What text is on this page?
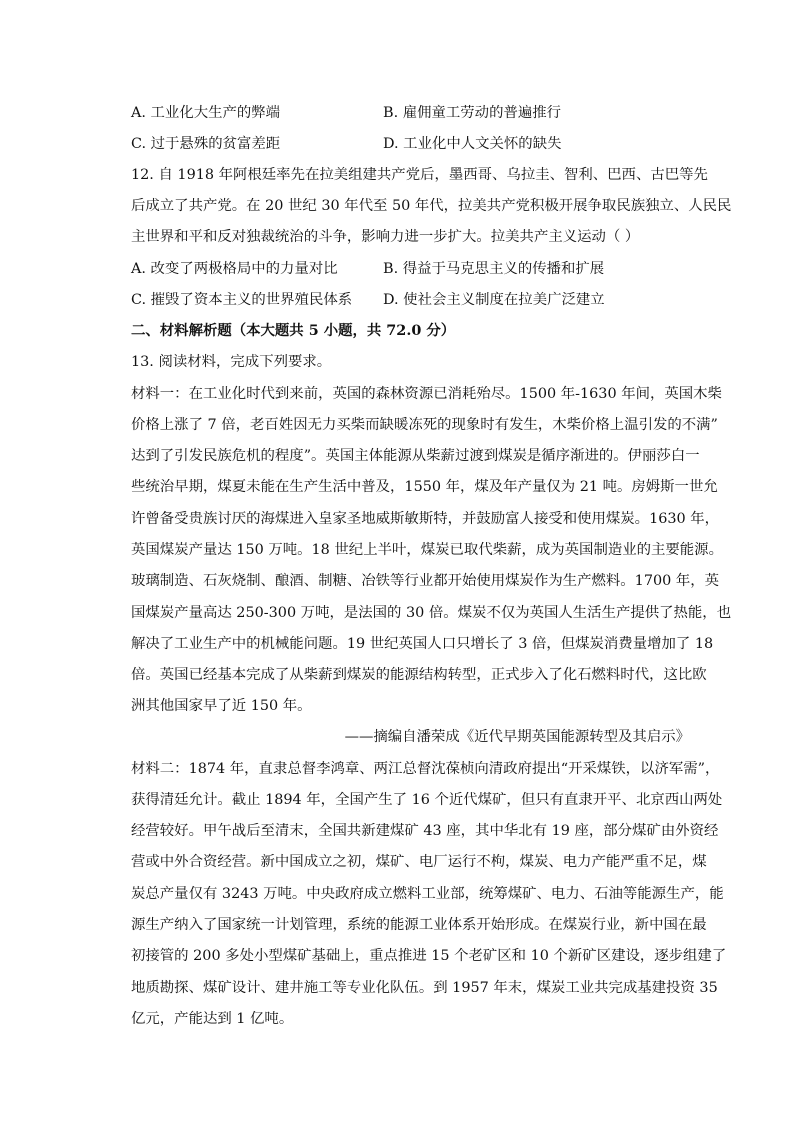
A. 工业化大生产的弊端	B. 雇佣童工劳动的普遍推行
C. 过于悬殊的贫富差距	D. 工业化中人文关怀的缺失
12. 自 1918 年阿根廷率先在拉美组建共产党后，墨西哥、乌拉圭、智利、巴西、古巴等先
后成立了共产党。在 20 世纪 30 年代至 50 年代，拉美共产党积极开展争取民族独立、人民民
主世界和平和反对独裁统治的斗争，影响力进一步扩大。拉美共产主义运动（ ）
A. 改变了两极格局中的力量对比	B. 得益于马克思主义的传播和扩展
C. 摧毁了资本主义的世界殖民体系 D. 使社会主义制度在拉美广泛建立
二、材料解析题（本大题共 5 小题，共 72.0 分）
13. 阅读材料，完成下列要求。
材料一：在工业化时代到来前，英国的森林资源已消耗殆尽。1500 年-1630 年间，英国木柴
价格上涨了 7 倍，老百姓因无力买柴而缺暖冻死的现象时有发生，木柴价格上温引发的不满”
达到了引发民族危机的程度”。英国主体能源从柴薪过渡到煤炭是循序渐进的。伊丽莎白一
些统治早期，煤夏未能在生产生活中普及，1550 年，煤及年产量仅为 21 吨。房姆斯一世允
许曾备受贵族讨厌的海煤进入皇家圣地威斯敏斯特，并鼓励富人接受和使用煤炭。1630 年，
英国煤炭产量达 150 万吨。18 世纪上半叶，煤炭已取代柴薪，成为英国制造业的主要能源。
玻璃制造、石灰烧制、酿酒、制糖、冶铁等行业都开始使用煤炭作为生产燃料。1700 年，英
国煤炭产量高达 250-300 万吨，是法国的 30 倍。煤炭不仅为英国人生活生产提供了热能，也
解决了工业生产中的机械能问题。19 世纪英国人口只增长了 3 倍，但煤炭消费量增加了 18
倍。英国已经基本完成了从柴薪到煤炭的能源结构转型，正式步入了化石燃料时代，这比欧
洲其他国家早了近 150 年。
——摘编自潘荣成《近代早期英国能源转型及其启示》
材料二：1874 年，直隶总督李鸿章、两江总督沈葆桢向清政府提出“开采煤铁，以济军需”，
获得清廷允计。截止 1894 年，全国产生了 16 个近代煤矿，但只有直隶开平、北京西山两处
经营较好。甲午战后至清末，全国共新建煤矿 43 座，其中华北有 19 座，部分煤矿由外资经
营或中外合资经营。新中国成立之初，煤矿、电厂运行不枸，煤炭、电力产能严重不足，煤
炭总产量仅有 3243 万吨。中央政府成立燃料工业部，统筹煤矿、电力、石油等能源生产，能
源生产纳入了国家统一计划管理，系统的能源工业体系开始形成。在煤炭行业，新中国在最
初接管的 200 多处小型煤矿基础上，重点推进 15 个老矿区和 10 个新矿区建设，逐步组建了
地质勘探、煤矿设计、建井施工等专业化队伍。到 1957 年末，煤炭工业共完成基建投资 35
亿元，产能达到 1 亿吨。
